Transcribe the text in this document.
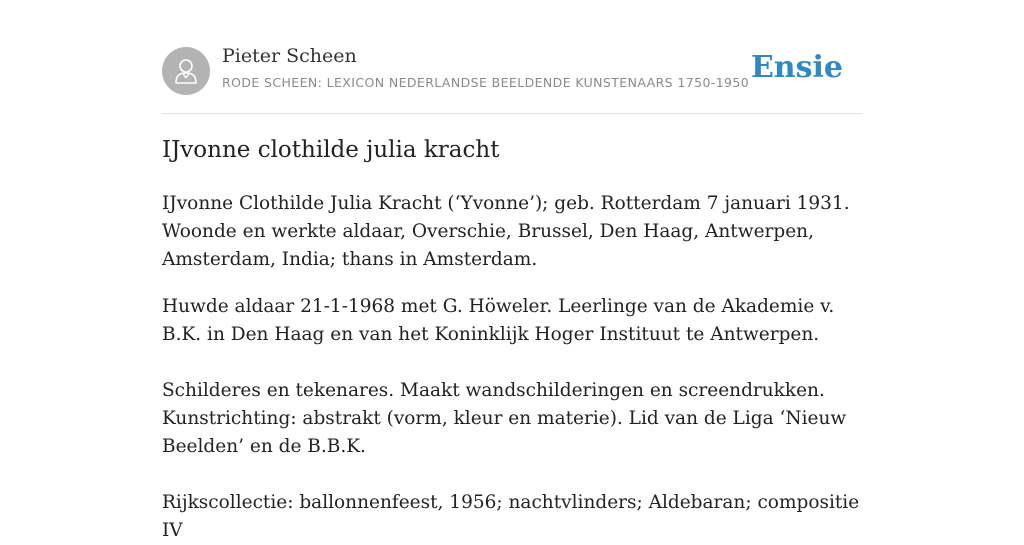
Pieter Scheen
RODE SCHEEN: LEXICON NEDERLANDSE BEELDENDE KUNSTENAARS 1750-1950 Ensie
IJvonne clothilde julia kracht

IJvonne Clothilde Julia Kracht (‘Yvonne’); geb. Rotterdam 7 januari 1931. Woonde en werkte aldaar, Overschie, Brussel, Den Haag, Antwerpen, Amsterdam, India; thans in Amsterdam.

Huwde aldaar 21-1-1968 met G. Höweler. Leerlinge van de Akademie v. B.K. in Den Haag en van het Koninklijk Hoger Instituut te Antwerpen.

Schilderes en tekenares. Maakt wandschilderingen en screendrukken. Kunstrichting: abstrakt (vorm, kleur en materie). Lid van de Liga ‘Nieuw Beelden’ en de B.B.K.

Rijkscollectie: ballonnenfeest, 1956; nachtvlinders; Aldebaran; compositie IV
